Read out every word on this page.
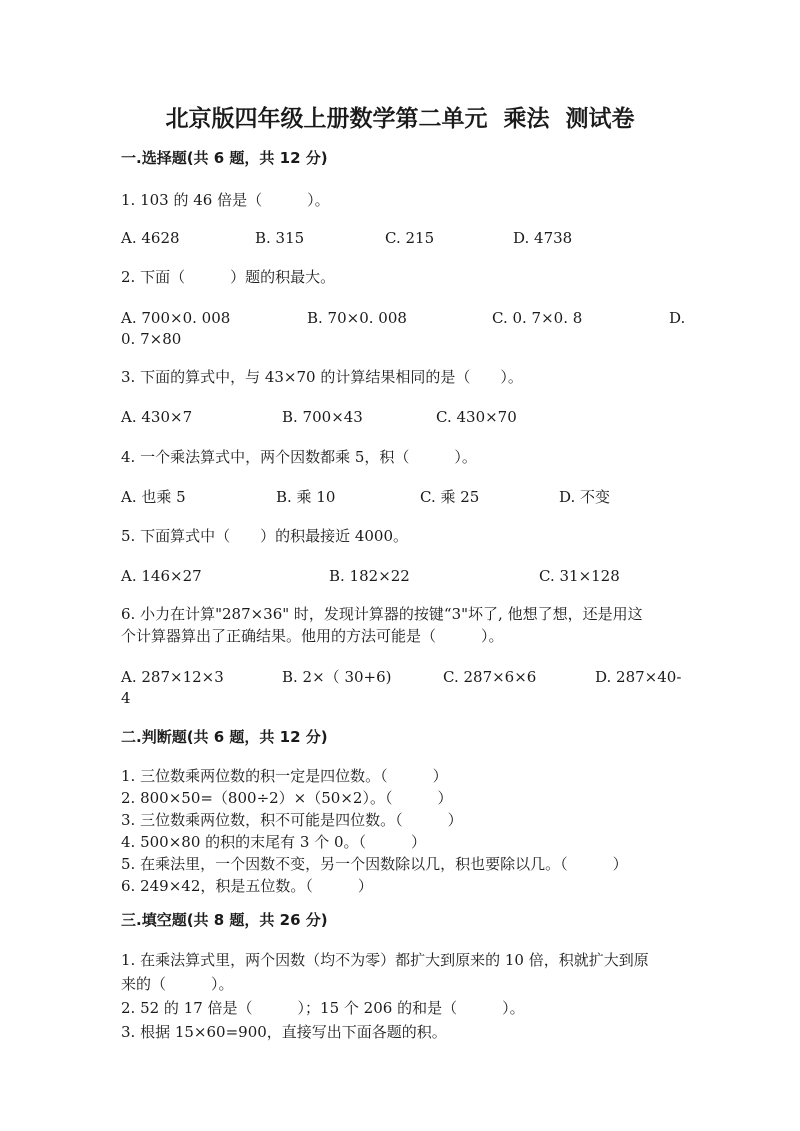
北京版四年级上册数学第二单元  乘法  测试卷
一.选择题(共 6 题，共 12 分)
1. 103 的 46 倍是（　　　）。
A. 4628	B. 315	C. 215	D. 4738
2. 下面（　　　）题的积最大。
A. 700×0. 008	B. 70×0. 008	C. 0. 7×0. 8	D.
0. 7×80
3. 下面的算式中，与 43×70 的计算结果相同的是（　　）。
A. 430×7	B. 700×43	C. 430×70
4. 一个乘法算式中，两个因数都乘 5，积（　　　）。
A. 也乘 5	B. 乘 10	C. 乘 25	D. 不变
5. 下面算式中（　　）的积最接近 4000。
A. 146×27	B. 182×22	C. 31×128
6. 小力在计算"287×36" 时，发现计算器的按键“3"坏了, 他想了想，还是用这
个计算器算出了正确结果。他用的方法可能是（　　　）。
A. 287×12×3	B. 2×（ 30+6)	C. 287×6×6	D. 287×40-
4
二.判断题(共 6 题，共 12 分)
1. 三位数乘两位数的积一定是四位数。（　　　）
2. 800×50=（800÷2）×（50×2）。（　　　）
3. 三位数乘两位数，积不可能是四位数。（　　　）
4. 500×80 的积的末尾有 3 个 0。（　　　）
5. 在乘法里，一个因数不变，另一个因数除以几，积也要除以几。（　　　）
6. 249×42，积是五位数。（　　　）
三.填空题(共 8 题，共 26 分)
1. 在乘法算式里，两个因数（均不为零）都扩大到原来的 10 倍，积就扩大到原
来的（　　　）。
2. 52 的 17 倍是（　　　）；15 个 206 的和是（　　　）。
3. 根据 15×60=900，直接写出下面各题的积。
